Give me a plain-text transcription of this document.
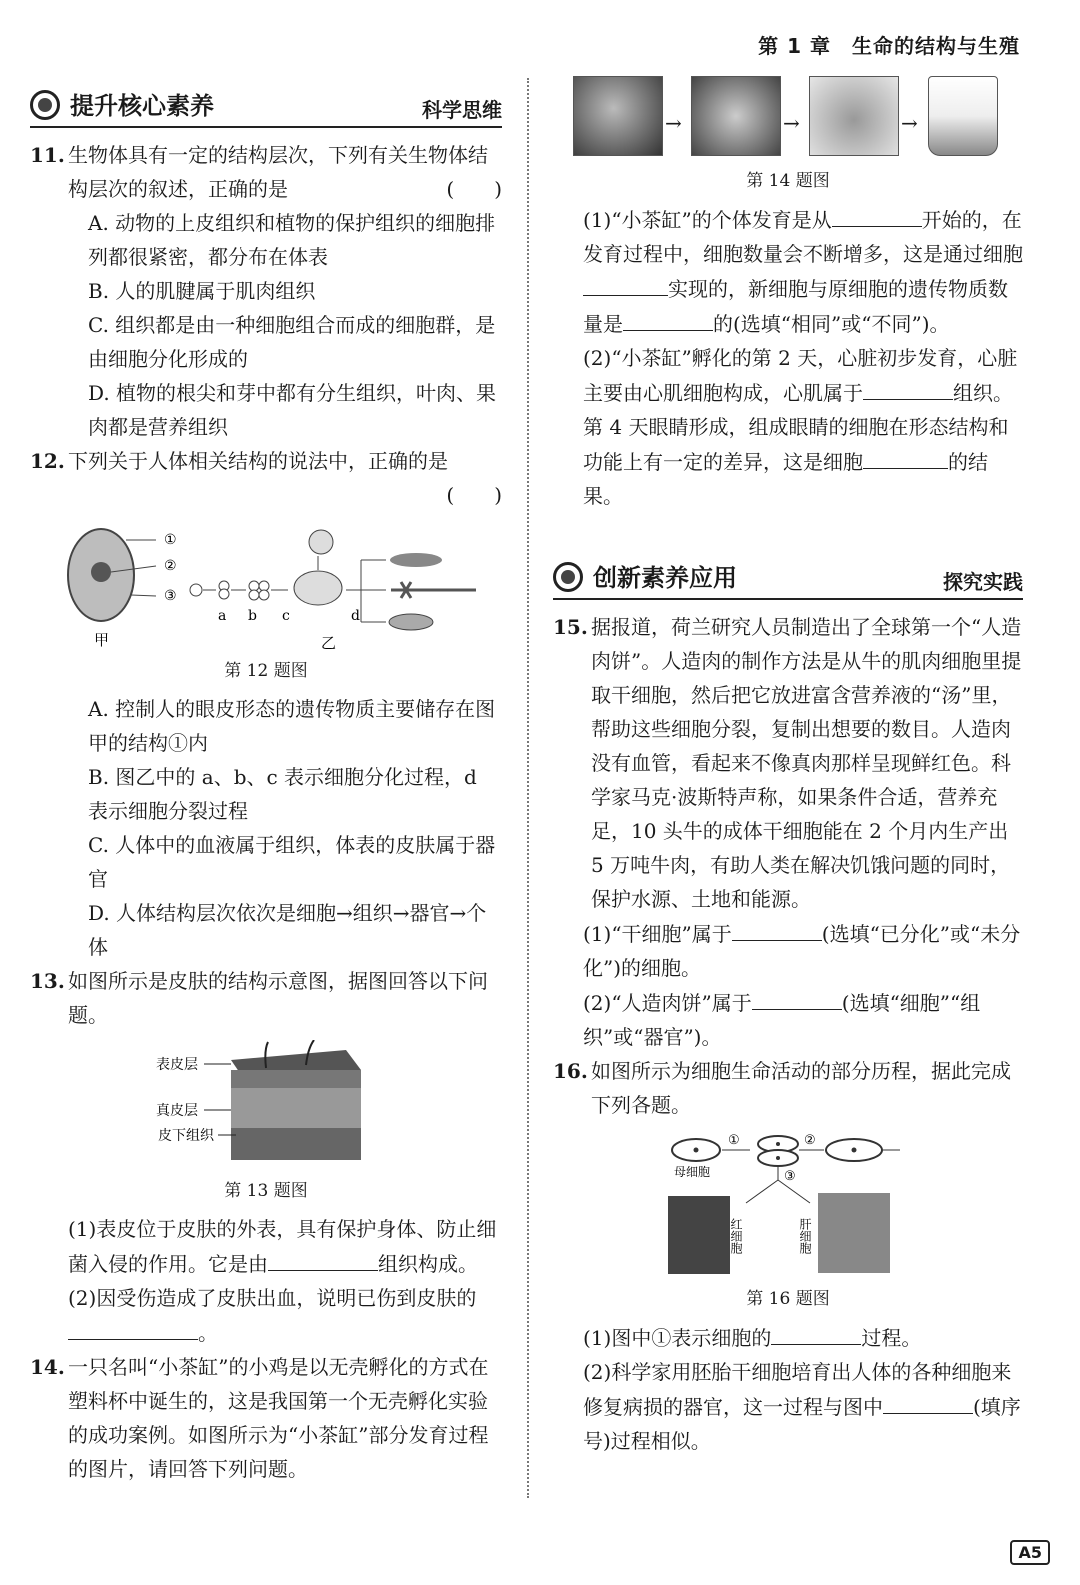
第 1 章　生命的结构与生殖
提升核心素养	科学思维
11. 生物体具有一定的结构层次，下列有关生物体结构层次的叙述，正确的是	(　　)
A. 动物的上皮组织和植物的保护组织的细胞排列都很紧密，都分布在体表
B. 人的肌腱属于肌肉组织
C. 组织都是由一种细胞组合而成的细胞群，是由细胞分化形成的
D. 植物的根尖和芽中都有分生组织，叶肉、果肉都是营养组织
12. 下列关于人体相关结构的说法中，正确的是
(　　)
①
②
③
a b c	d
甲	乙
第 12 题图
A. 控制人的眼皮形态的遗传物质主要储存在图甲的结构①内
B. 图乙中的 a、b、c 表示细胞分化过程，d 表示细胞分裂过程
C. 人体中的血液属于组织，体表的皮肤属于器官
D. 人体结构层次依次是细胞→组织→器官→个体
13. 如图所示是皮肤的结构示意图，据图回答以下问题。
表皮层
真皮层
皮下组织
第 13 题图
(1)表皮位于皮肤的外表，具有保护身体、防止细菌入侵的作用。它是由	组织构成。
(2)因受伤造成了皮肤出血，说明已伤到皮肤的。
14. 一只名叫“小茶缸”的小鸡是以无壳孵化的方式在塑料杯中诞生的，这是我国第一个无壳孵化实验的成功案例。如图所示为“小茶缸”部分发育过程的图片，请回答下列问题。
→	→	→
第 14 题图
(1)“小茶缸”的个体发育是从	开始的，在发育过程中，细胞数量会不断增多，这是通过细胞实现的，新细胞与原细胞的遗传物质数量是	的(选填“相同”或“不同”)。
(2)“小茶缸”孵化的第 2 天，心脏初步发育，心脏主要由心肌细胞构成，心肌属于	组织。第 4 天眼睛形成，组成眼睛的细胞在形态结构和功能上有一定的差异，这是细胞	的结果。
创新素养应用	探究实践
15. 据报道，荷兰研究人员制造出了全球第一个“人造肉饼”。人造肉的制作方法是从牛的肌肉细胞里提取干细胞，然后把它放进富含营养液的“汤”里，帮助这些细胞分裂，复制出想要的数目。人造肉没有血管，看起来不像真肉那样呈现鲜红色。科学家马克·波斯特声称，如果条件合适，营养充足，10 头牛的成体干细胞能在 2 个月内生产出 5 万吨牛肉，有助人类在解决饥饿问题的同时，保护水源、土地和能源。
(1)“干细胞”属于	(选填“已分化”或“未分化”)的细胞。
(2)“人造肉饼”属于	(选填“细胞”“组织”或“器官”)。
16. 如图所示为细胞生命活动的部分历程，据此完成下列各题。
①	②
③
母细胞
红细胞	肝细胞
第 16 题图
(1)图中①表示细胞的	过程。
(2)科学家用胚胎干细胞培育出人体的各种细胞来修复病损的器官，这一过程与图中	(填序号)过程相似。
A5
